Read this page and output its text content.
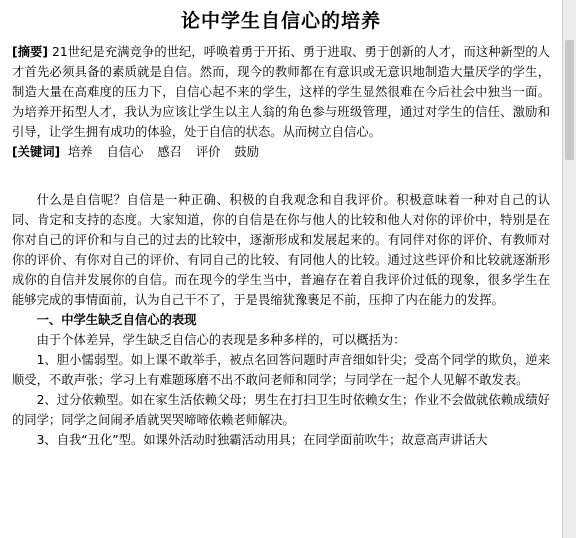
论中学生自信心的培养

[摘要] 21世纪是充满竞争的世纪，呼唤着勇于开拓、勇于进取、勇于创新的人才，而这种新型的人才首先必须具备的素质就是自信。然而，现今的教师都在有意识或无意识地制造大量厌学的学生，制造大量在高难度的压力下，自信心起不来的学生，这样的学生显然很难在今后社会中独当一面。为培养开拓型人才，我认为应该让学生以主人翁的角色参与班级管理，通过对学生的信任、激励和引导，让学生拥有成功的体验，处于自信的状态。从而树立自信心。

[关键词] 培养 自信心 感召 评价 鼓励

什么是自信呢？自信是一种正确、积极的自我观念和自我评价。积极意味着一种对自己的认同、肯定和支持的态度。大家知道，你的自信是在你与他人的比较和他人对你的评价中，特别是在你对自己的评价和与自己的过去的比较中，逐渐形成和发展起来的。有同伴对你的评价、有教师对你的评价、有你对自己的评价、有同自己的比较、有同他人的比较。通过这些评价和比较就逐渐形成你的自信并发展你的自信。而在现今的学生当中，普遍存在着自我评价过低的现象，很多学生在能够完成的事情面前，认为自己干不了，于是畏缩犹豫裹足不前，压抑了内在能力的发挥。

一、中学生缺乏自信心的表现

由于个体差异，学生缺乏自信心的表现是多种多样的，可以概括为：

1、胆小懦弱型。如上课不敢举手，被点名回答问题时声音细如针尖；受高个同学的欺负，逆来顺受，不敢声张；学习上有难题琢磨不出不敢问老师和同学；与同学在一起个人见解不敢发表。

2、过分依赖型。如在家生活依赖父母；男生在打扫卫生时依赖女生；作业不会做就依赖成绩好的同学；同学之间闹矛盾就哭哭啼啼依赖老师解决。

3、自我“丑化”型。如课外活动时独霸活动用具；在同学面前吹牛；故意高声讲话大
